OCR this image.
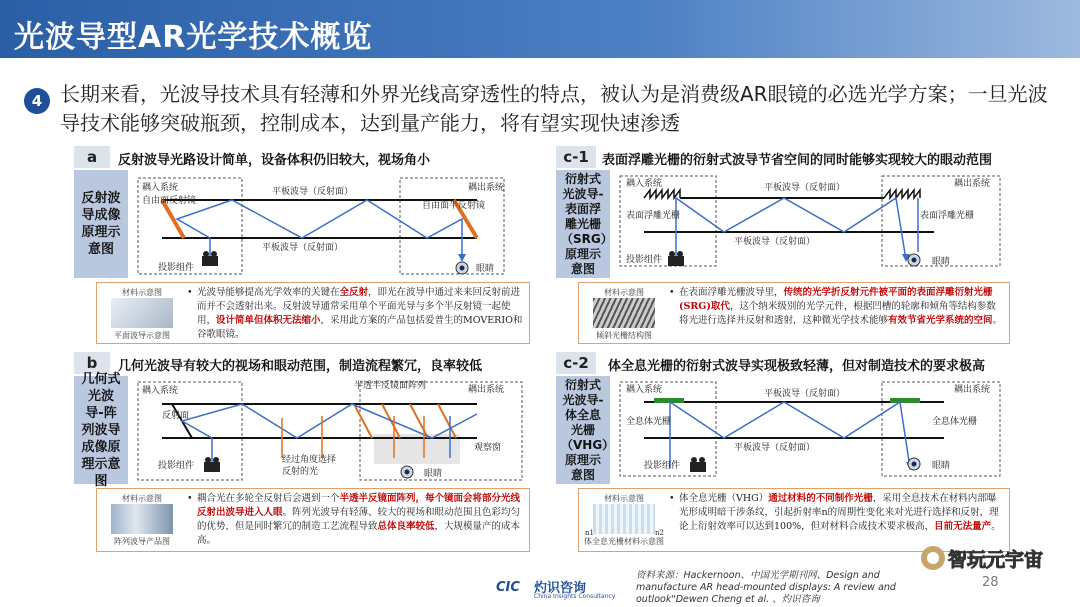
光波导型AR光学技术概览
4 长期来看，光波导技术具有轻薄和外界光线高穿透性的特点，被认为是消费级AR眼镜的必选光学方案；一旦光波导技术能够突破瓶颈，控制成本，达到量产能力，将有望实现快速渗透
a	反射波导光路设计简单，设备体积仍旧较大，视场角小
反射波导成像原理示意图
耦入系统
自由面反射镜
平板波导（反射面）
平板波导（反射面）
耦出系统
自由面半反射镜
投影组件	眼睛
材料示意图
平面波导示意图
• 光波导能够提高光学效率的关键在全反射，即光在波导中通过来来回反射前进而并不会透射出来。反射波导通常采用单个平面光导与多个半反射镜一起使用，设计简单但体积无法缩小，采用此方案的产品包括爱普生的MOVERIO和谷歌眼镜。
b	几何光波导有较大的视场和眼动范围，制造流程繁冗，良率较低
几何式光波导-阵列波导成像原理示意图
耦入系统
反射面
半透半反镜面阵列	耦出系统
投影组件
经过角度选择
反射的光
观察窗
眼睛
材料示意图
阵列波导产品图
• 耦合光在多轮全反射后会遇到一个半透半反镜面阵列，每个镜面会将部分光线反射出波导进入人眼。阵列光波导有轻薄、较大的视场和眼动范围且色彩均匀的优势，但是同时繁冗的制造工艺流程导致总体良率较低，大规模量产的成本高。
c-1	表面浮雕光栅的衍射式波导节省空间的同时能够实现较大的眼动范围
衍射式光波导-表面浮雕光栅（SRG）原理示意图
耦入系统
表面浮雕光栅
平板波导（反射面）
平板波导（反射面）
耦出系统
表面浮雕光栅
投影组件	眼睛
材料示意图
倾斜光栅结构图
• 在表面浮雕光栅波导里，传统的光学折反射元件被平面的表面浮雕衍射光栅(SRG)取代，这个纳米级别的光学元件，根据凹槽的轮廓和倾角等结构参数将光进行选择并反射和透射，这种微光学技术能够有效节省光学系统的空间。
c-2	体全息光栅的衍射式波导实现极致轻薄，但对制造技术的要求极高
衍射式光波导-体全息光栅（VHG）原理示意图
耦入系统
全息体光栅
平板波导（反射面）
平板波导（反射面）
耦出系统
全息体光栅
投影组件	眼睛
材料示意图
n1	n2
体全息光栅材料示意图
• 体全息光栅（VHG）通过材料的不同制作光栅，采用全息技术在材料内部曝光形成明暗干涉条纹，引起折射率n的周期性变化来对光进行选择和反射，理论上衍射效率可以达到100%，但对材料合成技术要求极高，目前无法量产。
CIC 灼识咨询
China Insights Consultancy
资料来源：Hackernoon、中国光学期刊网、Design and manufacture AR head-mounted displays: A review and outlook"Dewen Cheng et al. 、灼识咨询
28
智玩元宇宙
